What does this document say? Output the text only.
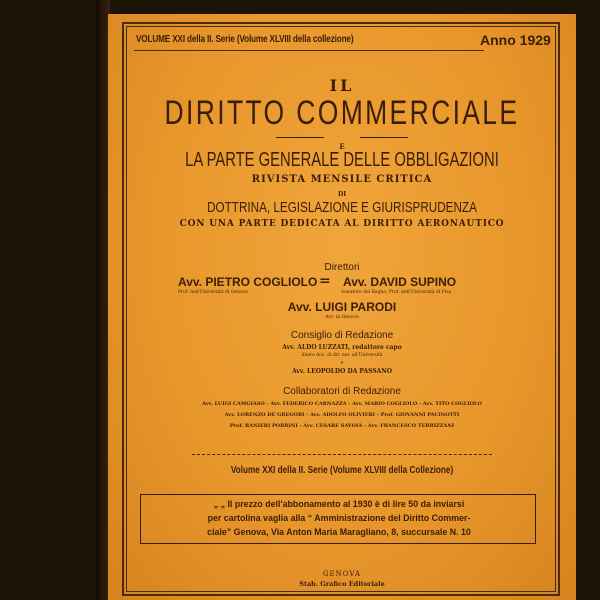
VOLUME XXI della II. Serie (Volume XLVIII della collezione)	Anno 1929
IL
DIRITTO COMMERCIALE
E
LA PARTE GENERALE DELLE OBBLIGAZIONI
RIVISTA MENSILE CRITICA
DI
DOTTRINA, LEGISLAZIONE E GIURISPRUDENZA
CON UNA PARTE DEDICATA AL DIRITTO AERONAUTICO
Direttori
Avv. PIETRO COGLIOLO
Prof. nell'Università di Genova
= Avv. DAVID SUPINO
Senatore del Regno, Prof. nell'Università di Pisa
Avv. LUIGI PARODI
Avv. in Genova
Consiglio di Redazione
Avv. ALDO LUZZATI, redattore capo
libero doc. di dir. ner. all'Università
e
Avv. LEOPOLDO DA PASSANO
Collaboratori di Redazione
Avv. LUIGI CAMGIASO - Avv. FEDERICO CARNAZZA - Avv. MARIO COGLIOLO - Avv. TITO COGLIOLO
Avv. LORENZO DE GREGORI - Avv. ADOLFO OLIVIERI - Prof. GIOVANNI PACINOTTI
Prof. RANIERI PORRINI - Avv. CESARE SAVOIA - Avv. FRANCESCO TERRIZZANI
Volume XXI della II. Serie (Volume XLVIII della Collezione)
„ „ Il prezzo dell'abbonamento al 1930 è di lire 50 da inviarsi
per cartolina vaglia alla “ Amministrazione del Diritto Commer-
ciale” Genova, Via Anton Maria Maragliano, 8, succursale N. 10
GENOVA
Stab. Grafico Editoriale
